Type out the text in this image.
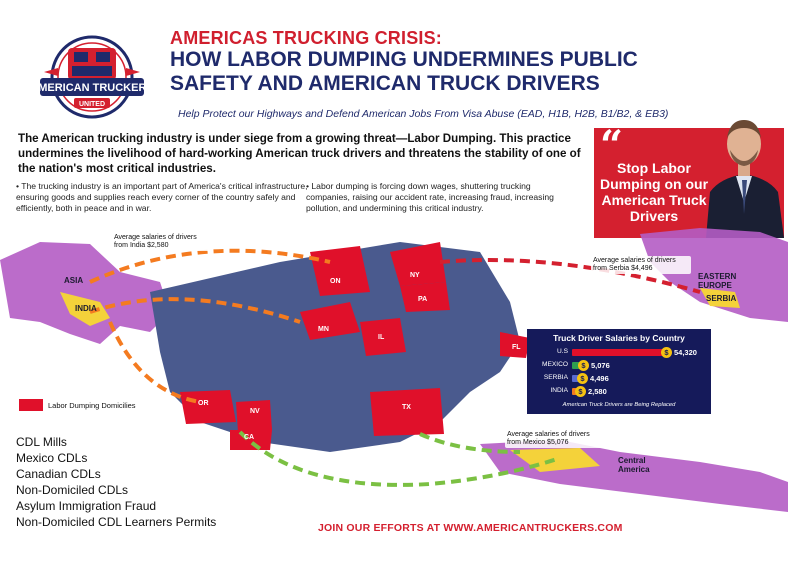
AMERICAN TRUCKERS
UNITED
AMERICAS TRUCKING CRISIS:
HOW LABOR DUMPING UNDERMINES PUBLIC SAFETY AND AMERICAN TRUCK DRIVERS
Help Protect our Highways and Defend American Jobs From Visa Abuse (EAD, H1B, H2B, B1/B2, & EB3)
The American trucking industry is under siege from a growing threat—Labor Dumping. This practice undermines the livelihood of hard-working American truck drivers and threatens the stability of one of the nation's most critical industries.
• The trucking industry is an important part of America's critical infrastructure, ensuring goods and supplies reach every corner of the country safely and efficiently, both in peace and in war.
• Labor dumping is forcing down wages, shuttering trucking companies, raising our accident rate, increasing fraud, increasing pollution, and undermining this critical industry.
“
Stop Labor Dumping on our American Truck Drivers
Average salaries of drivers from India $2,580
Average salaries of drivers from Serbia $4,496
Average salaries of drivers from Mexico $5,076
ASIA
INDIA
EASTERN EUROPE
SERBIA
Central America
ON
NY
PA
MN
IL
FL
OR
NV
CA
TX
Labor Dumping Domicilies
Truck Driver Salaries by Country
U.S	$ 54,320
MEXICO	$ 5,076
SERBIA	$ 4,496
INDIA	$ 2,580
American Truck Drivers are Being Replaced
CDL Mills
Mexico CDLs
Canadian CDLs
Non-Domiciled CDLs
Asylum Immigration Fraud
Non-Domiciled CDL Learners Permits	JOIN OUR EFFORTS AT WWW.AMERICANTRUCKERS.COM
